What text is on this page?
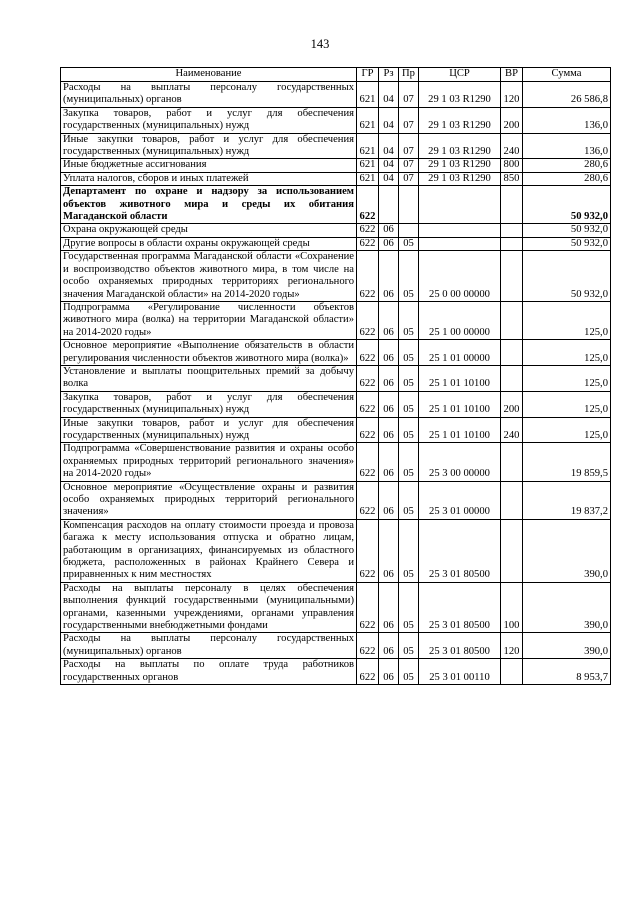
143
Наименование	ГР	Рз	Пр	ЦСР	ВР	Сумма
Расходы на выплаты персоналу государственных (муниципальных) органов	621	04	07	29 1 03 R1290	120	26 586,8
Закупка товаров, работ и услуг для обеспечения государственных (муниципальных) нужд	621	04	07	29 1 03 R1290	200	136,0
Иные закупки товаров, работ и услуг для обеспечения государственных (муниципальных) нужд	621	04	07	29 1 03 R1290	240	136,0
Иные бюджетные ассигнования	621	04	07	29 1 03 R1290	800	280,6
Уплата налогов, сборов и иных платежей	621	04	07	29 1 03 R1290	850	280,6
Департамент по охране и надзору за использованием объектов животного мира и среды их обитания Магаданской области	622					50 932,0
Охрана окружающей среды	622	06				50 932,0
Другие вопросы в области охраны окружающей среды	622	06	05			50 932,0
Государственная программа Магаданской области «Сохранение и воспроизводство объектов животного мира, в том числе на особо охраняемых природных территориях регионального значения Магаданской области» на 2014-2020 годы»	622	06	05	25 0 00 00000		50 932,0
Подпрограмма «Регулирование численности объектов животного мира (волка) на территории Магаданской области» на 2014-2020 годы»	622	06	05	25 1 00 00000		125,0
Основное мероприятие «Выполнение обязательств в области регулирования численности объектов животного мира (волка)»	622	06	05	25 1 01 00000		125,0
Установление и выплаты поощрительных премий за добычу волка	622	06	05	25 1 01 10100		125,0
Закупка товаров, работ и услуг для обеспечения государственных (муниципальных) нужд	622	06	05	25 1 01 10100	200	125,0
Иные закупки товаров, работ и услуг для обеспечения государственных (муниципальных) нужд	622	06	05	25 1 01 10100	240	125,0
Подпрограмма «Совершенствование развития и охраны особо охраняемых природных территорий регионального значения» на 2014-2020 годы»	622	06	05	25 3 00 00000		19 859,5
Основное мероприятие «Осуществление охраны и развития особо охраняемых природных территорий регионального значения»	622	06	05	25 3 01 00000		19 837,2
Компенсация расходов на оплату стоимости проезда и провоза багажа к месту использования отпуска и обратно лицам, работающим в организациях, финансируемых из областного бюджета, расположенных в районах Крайнего Севера и приравненных к ним местностях	622	06	05	25 3 01 80500		390,0
Расходы на выплаты персоналу в целях обеспечения выполнения функций государственными (муниципальными) органами, казенными учреждениями, органами управления государственными внебюджетными фондами	622	06	05	25 3 01 80500	100	390,0
Расходы на выплаты персоналу государственных (муниципальных) органов	622	06	05	25 3 01 80500	120	390,0
Расходы на выплаты по оплате труда работников государственных органов	622	06	05	25 3 01 00110		8 953,7
